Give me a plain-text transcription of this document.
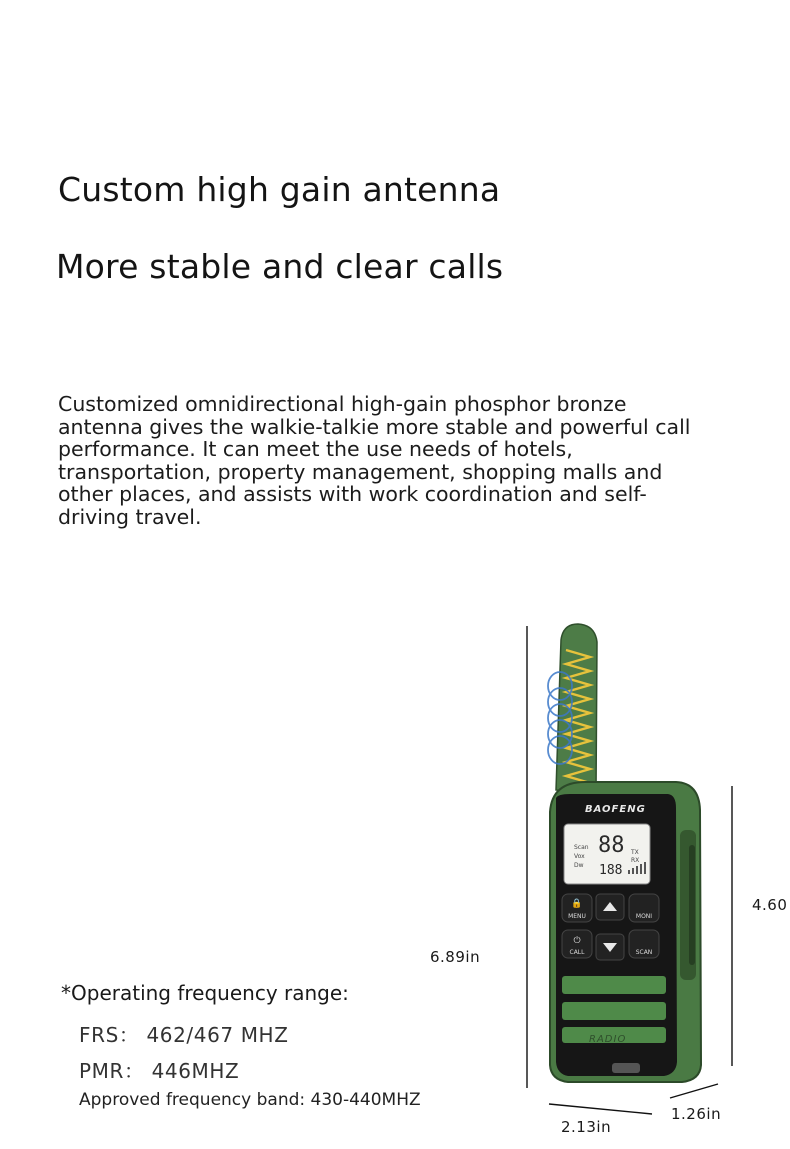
Custom high gain antenna
More stable and clear calls
Customized omnidirectional high-gain phosphor bronze antenna gives the walkie-talkie more stable and powerful call performance. It can meet the use needs of hotels, transportation, property management, shopping malls and other places, and assists with work coordination and self-driving travel.
*Operating frequency range:
FRS： 462/467 MHZ
PMR： 446MHZ
Approved frequency band: 430-440MHZ
BAOFENG
88
188
Scan
Vox
Dw
TX
RX
🔒
MENU	MONI
⏻
CALL	SCAN
RADIO
6.89in
4.60
1.26in
2.13in
